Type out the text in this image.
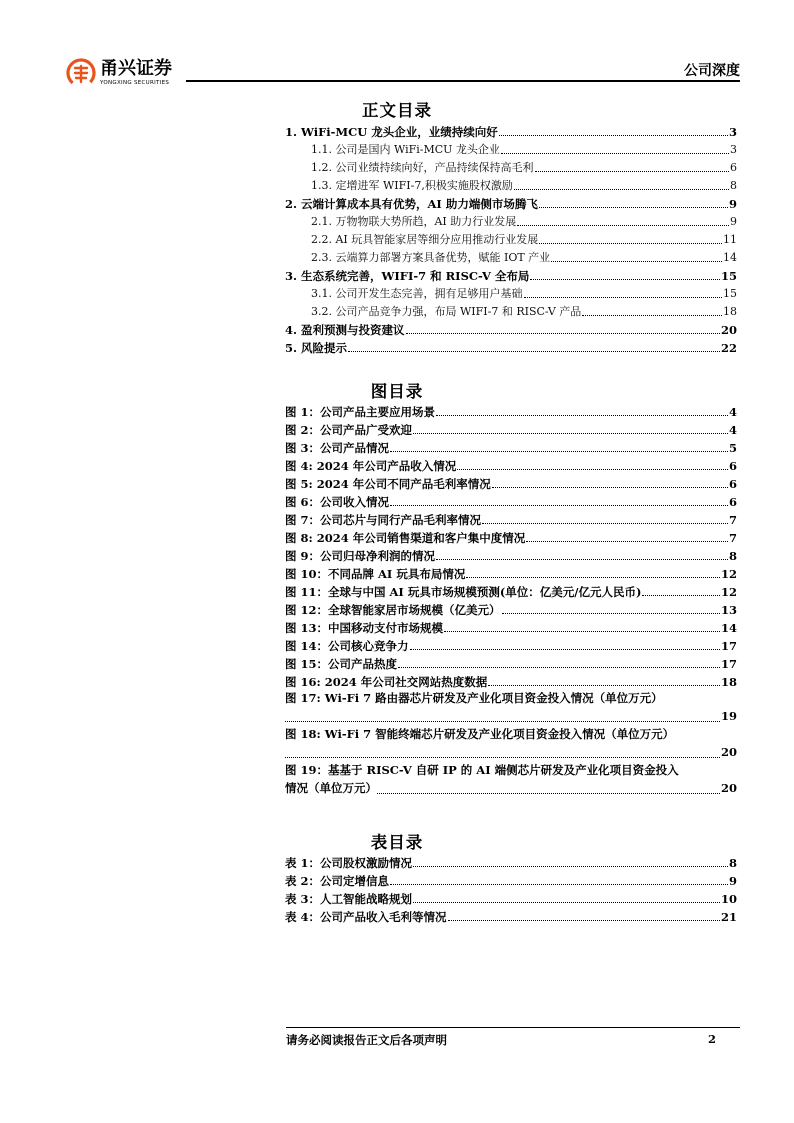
甬兴证券
YONGXING SECURITIES
公司深度
正文目录
1. WiFi-MCU 龙头企业，业绩持续向好	3
1.1. 公司是国内 WiFi-MCU 龙头企业	3
1.2. 公司业绩持续向好，产品持续保持高毛利	6
1.3. 定增进军 WIFI-7,积极实施股权激励	8
2. 云端计算成本具有优势，AI 助力端侧市场腾飞	9
2.1. 万物物联大势所趋，AI 助力行业发展	9
2.2. AI 玩具智能家居等细分应用推动行业发展	11
2.3. 云端算力部署方案具备优势，赋能 IOT 产业	14
3. 生态系统完善，WIFI-7 和 RISC-V 全布局	15
3.1. 公司开发生态完善，拥有足够用户基础	15
3.2. 公司产品竞争力强，布局 WIFI-7 和 RISC-V 产品	18
4. 盈利预测与投资建议	20
5. 风险提示	22
图目录
图 1：公司产品主要应用场景	4
图 2：公司产品广受欢迎	4
图 3：公司产品情况	5
图 4: 2024 年公司产品收入情况	6
图 5: 2024 年公司不同产品毛利率情况	6
图 6：公司收入情况	6
图 7：公司芯片与同行产品毛利率情况	7
图 8: 2024 年公司销售渠道和客户集中度情况	7
图 9：公司归母净利润的情况	8
图 10：不同品牌 AI 玩具布局情况	12
图 11：全球与中国 AI 玩具市场规模预测(单位：亿美元/亿元人民币)	12
图 12：全球智能家居市场规模（亿美元）	13
图 13：中国移动支付市场规模	14
图 14：公司核心竞争力	17
图 15：公司产品热度	17
图 16: 2024 年公司社交网站热度数据	18
图 17: Wi-Fi 7 路由器芯片研发及产业化项目资金投入情况（单位万元）
19
图 18: Wi-Fi 7 智能终端芯片研发及产业化项目资金投入情况（单位万元）
20
图 19：基基于 RISC-V 自研 IP 的 AI 端侧芯片研发及产业化项目资金投入
情况（单位万元）	20
表目录
表 1：公司股权激励情况	8
表 2：公司定增信息	9
表 3：人工智能战略规划	10
表 4：公司产品收入毛利等情况	21
请务必阅读报告正文后各项声明	2
